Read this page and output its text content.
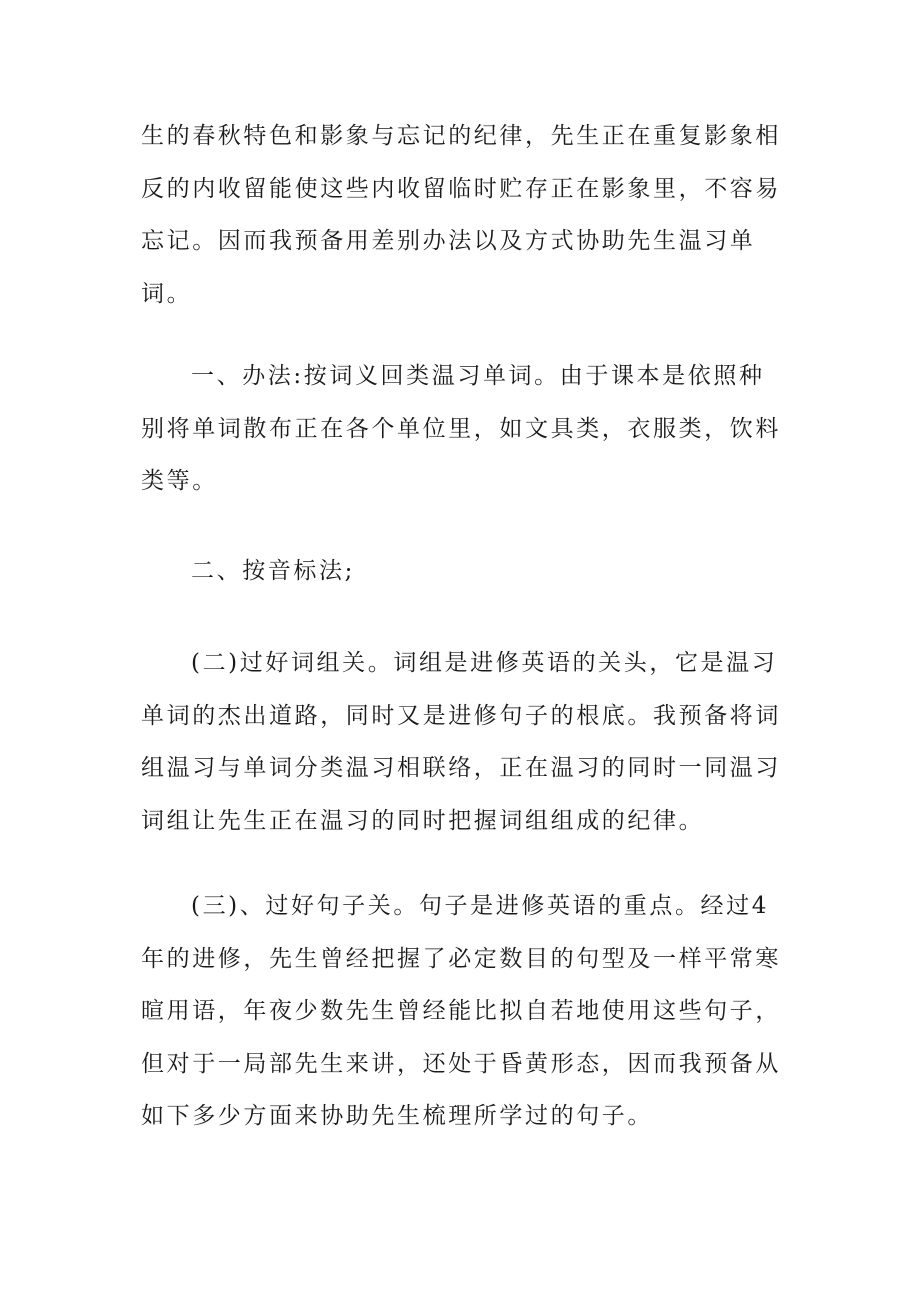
生的春秋特色和影象与忘记的纪律，先生正在重复影象相反的内收留能使这些内收留临时贮存正在影象里，不容易忘记。因而我预备用差别办法以及方式协助先生温习单词。

一、办法:按词义回类温习单词。由于课本是依照种别将单词散布正在各个单位里，如文具类，衣服类，饮料类等。

二、按音标法;

(二)过好词组关。词组是进修英语的关头，它是温习单词的杰出道路，同时又是进修句子的根底。我预备将词组温习与单词分类温习相联络，正在温习的同时一同温习词组让先生正在温习的同时把握词组组成的纪律。

(三)、过好句子关。句子是进修英语的重点。经过4年的进修，先生曾经把握了必定数目的句型及一样平常寒暄用语，年夜少数先生曾经能比拟自若地使用这些句子，但对于一局部先生来讲，还处于昏黄形态，因而我预备从如下多少方面来协助先生梳理所学过的句子。
